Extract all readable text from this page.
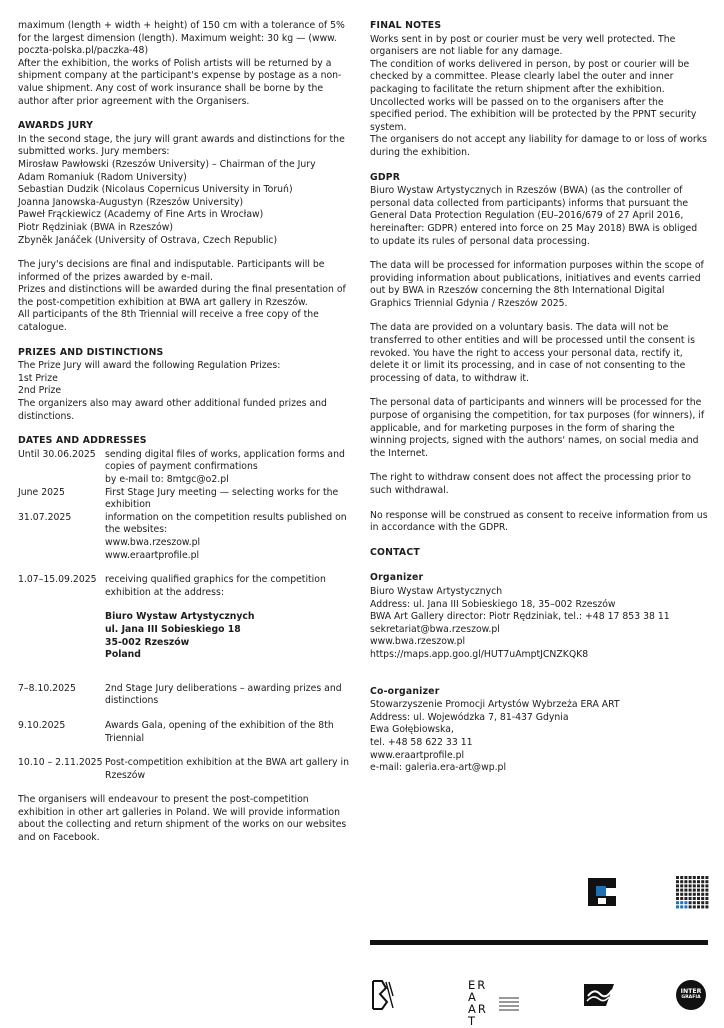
maximum (length + width + height) of 150 cm with a tolerance of 5% for the largest dimension (length). Maximum weight: 30 kg — (www. poczta-polska.pl/paczka-48)

After the exhibition, the works of Polish artists will be returned by a shipment company at the participant's expense by postage as a non-value shipment. Any cost of work insurance shall be borne by the author after prior agreement with the Organisers.

AWARDS JURY

In the second stage, the jury will grant awards and distinctions for the submitted works. Jury members:

Mirosław Pawłowski (Rzeszów University) – Chairman of the Jury

Adam Romaniuk (Radom University)

Sebastian Dudzik (Nicolaus Copernicus University in Toruń)

Joanna Janowska-Augustyn (Rzeszów University)

Paweł Frąckiewicz (Academy of Fine Arts in Wrocław)

Piotr Rędziniak (BWA in Rzeszów)

Zbyněk Janáček (University of Ostrava, Czech Republic)

The jury's decisions are final and indisputable. Participants will be informed of the prizes awarded by e-mail.

Prizes and distinctions will be awarded during the final presentation of the post-competition exhibition at BWA art gallery in Rzeszów.

All participants of the 8th Triennial will receive a free copy of the catalogue.

PRIZES AND DISTINCTIONS

The Prize Jury will award the following Regulation Prizes:

1st Prize

2nd Prize

The organizers also may award other additional funded prizes and distinctions.

DATES AND ADDRESSES

Until 30.06.2025 sending digital files of works, application forms and copies of payment confirmations
by e-mail to: 8mtgc@o2.pl
June 2025	First Stage Jury meeting — selecting works for the exhibition
31.07.2025	information on the competition results published on the websites:
www.bwa.rzeszow.pl
www.eraartprofile.pl
1.07–15.09.2025 receiving qualified graphics for the competition exhibition at the address:
Biuro Wystaw Artystycznych
ul. Jana III Sobieskiego 18
35-002 Rzeszów
Poland
7–8.10.2025	2nd Stage Jury deliberations – awarding prizes and distinctions
9.10.2025	Awards Gala, opening of the exhibition of the 8th Triennial
10.10 – 2.11.2025 Post-competition exhibition at the BWA art gallery in Rzeszów

The organisers will endeavour to present the post-competition exhibition in other art galleries in Poland. We will provide information about the collecting and return shipment of the works on our websites and on Facebook.

FINAL NOTES

Works sent in by post or courier must be very well protected. The organisers are not liable for any damage.

The condition of works delivered in person, by post or courier will be checked by a committee. Please clearly label the outer and inner packaging to facilitate the return shipment after the exhibition. Uncollected works will be passed on to the organisers after the specified period. The exhibition will be protected by the PPNT security system.

The organisers do not accept any liability for damage to or loss of works during the exhibition.

GDPR

Biuro Wystaw Artystycznych in Rzeszów (BWA) (as the controller of personal data collected from participants) informs that pursuant the General Data Protection Regulation (EU–2016/679 of 27 April 2016, hereinafter: GDPR) entered into force on 25 May 2018) BWA is obliged to update its rules of personal data processing.

The data will be processed for information purposes within the scope of providing information about publications, initiatives and events carried out by BWA in Rzeszów concerning the 8th International Digital Graphics Triennial Gdynia / Rzeszów 2025.

The data are provided on a voluntary basis. The data will not be transferred to other entities and will be processed until the consent is revoked. You have the right to access your personal data, rectify it, delete it or limit its processing, and in case of not consenting to the processing of data, to withdraw it.

The personal data of participants and winners will be processed for the purpose of organising the competition, for tax purposes (for winners), if applicable, and for marketing purposes in the form of sharing the winning projects, signed with the authors' names, on social media and the Internet.

The right to withdraw consent does not affect the processing prior to such withdrawal.

No response will be construed as consent to receive information from us in accordance with the GDPR.

CONTACT

Organizer

Biuro Wystaw Artystycznych

Address: ul. Jana III Sobieskiego 18, 35–002 Rzeszów

BWA Art Gallery director: Piotr Rędziniak, tel.: +48 17 853 38 11

sekretariat@bwa.rzeszow.pl

www.bwa.rzeszow.pl

https://maps.app.goo.gl/HUT7uAmptJCNZKQK8

Co-organizer

Stowarzyszenie Promocji Artystów Wybrzeża ERA ART

Address: ul. Wojewódzka 7, 81-437 Gdynia

Ewa Gołębiowska,

tel. +48 58 622 33 11

www.eraartprofile.pl

e-mail: galeria.era-art@wp.pl

ERA ART
INTER
GRAFIA
